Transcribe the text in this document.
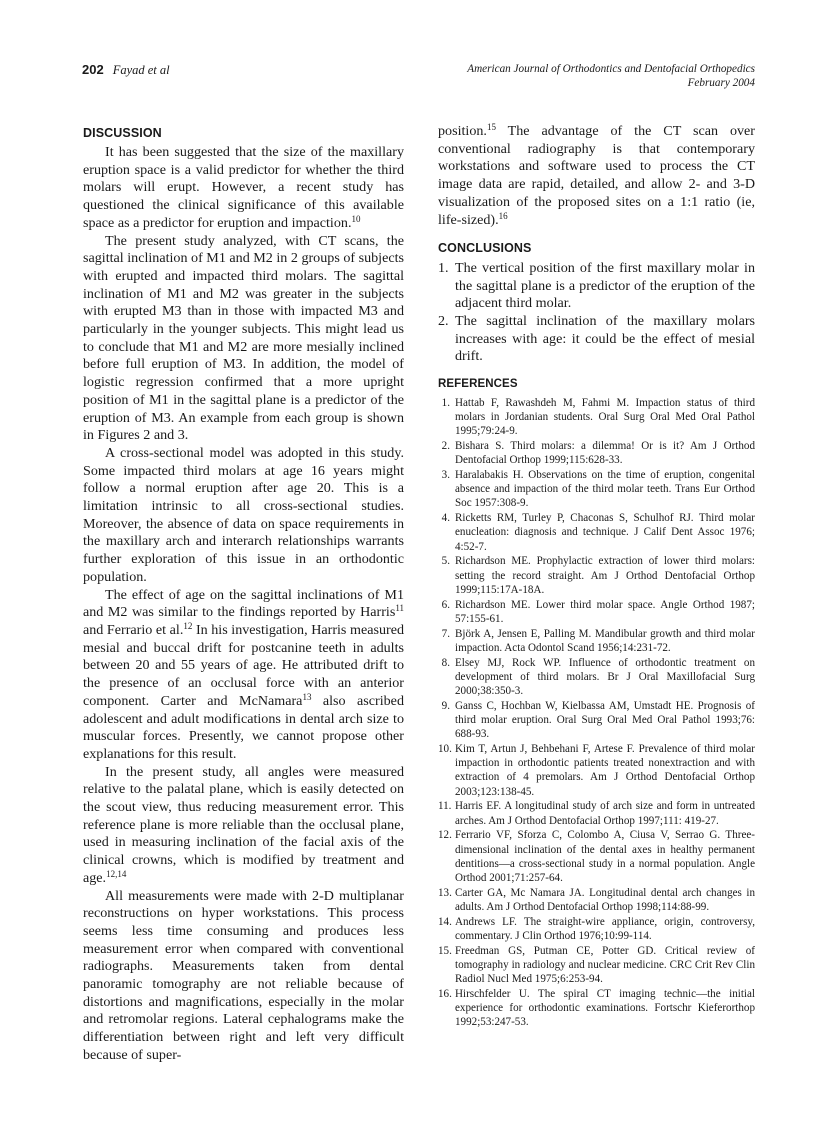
202 Fayad et al	American Journal of Orthodontics and Dentofacial Orthopedics
February 2004
DISCUSSION

It has been suggested that the size of the maxillary eruption space is a valid predictor for whether the third molars will erupt. However, a recent study has questioned the clinical significance of this available space as a predictor for eruption and impaction.$^{10}$

The present study analyzed, with CT scans, the sagittal inclination of M1 and M2 in 2 groups of subjects with erupted and impacted third molars. The sagittal inclination of M1 and M2 was greater in the subjects with erupted M3 than in those with impacted M3 and particularly in the younger subjects. This might lead us to conclude that M1 and M2 are more mesially inclined before full eruption of M3. In addition, the model of logistic regression confirmed that a more upright position of M1 in the sagittal plane is a predictor of the eruption of M3. An example from each group is shown in Figures 2 and 3.

A cross-sectional model was adopted in this study. Some impacted third molars at age 16 years might follow a normal eruption after age 20. This is a limitation intrinsic to all cross-sectional studies. Moreover, the absence of data on space requirements in the maxillary arch and interarch relationships warrants further exploration of this issue in an orthodontic population.

The effect of age on the sagittal inclinations of M1 and M2 was similar to the findings reported by Harris$^{11}$ and Ferrario et al.$^{12}$ In his investigation, Harris measured mesial and buccal drift for postcanine teeth in adults between 20 and 55 years of age. He attributed drift to the presence of an occlusal force with an anterior component. Carter and McNamara$^{13}$ also ascribed adolescent and adult modifications in dental arch size to muscular forces. Presently, we cannot propose other explanations for this result.

In the present study, all angles were measured relative to the palatal plane, which is easily detected on the scout view, thus reducing measurement error. This reference plane is more reliable than the occlusal plane, used in measuring inclination of the facial axis of the clinical crowns, which is modified by treatment and age.$^{12,14}$

All measurements were made with 2-D multiplanar reconstructions on hyper workstations. This process seems less time consuming and produces less measurement error when compared with conventional radiographs. Measurements taken from dental panoramic tomography are not reliable because of distortions and magnifications, especially in the molar and retromolar regions. Lateral cephalograms make the differentiation between right and left very difficult because of super-

position.$^{15}$ The advantage of the CT scan over conventional radiography is that contemporary workstations and software used to process the CT image data are rapid, detailed, and allow 2- and 3-D visualization of the proposed sites on a 1:1 ratio (ie, life-sized).$^{16}$

CONCLUSIONS
1. The vertical position of the first maxillary molar in the sagittal plane is a predictor of the eruption of the adjacent third molar.
2. The sagittal inclination of the maxillary molars increases with age: it could be the effect of mesial drift.
REFERENCES
1. Hattab F, Rawashdeh M, Fahmi M. Impaction status of third molars in Jordanian students. Oral Surg Oral Med Oral Pathol 1995;79:24-9.
2. Bishara S. Third molars: a dilemma! Or is it? Am J Orthod Dentofacial Orthop 1999;115:628-33.
3. Haralabakis H. Observations on the time of eruption, congenital absence and impaction of the third molar teeth. Trans Eur Orthod Soc 1957:308-9.
4. Ricketts RM, Turley P, Chaconas S, Schulhof RJ. Third molar enucleation: diagnosis and technique. J Calif Dent Assoc 1976; 4:52-7.
5. Richardson ME. Prophylactic extraction of lower third molars: setting the record straight. Am J Orthod Dentofacial Orthop 1999;115:17A-18A.
6. Richardson ME. Lower third molar space. Angle Orthod 1987; 57:155-61.
7. Björk A, Jensen E, Palling M. Mandibular growth and third molar impaction. Acta Odontol Scand 1956;14:231-72.
8. Elsey MJ, Rock WP. Influence of orthodontic treatment on development of third molars. Br J Oral Maxillofacial Surg 2000;38:350-3.
9. Ganss C, Hochban W, Kielbassa AM, Umstadt HE. Prognosis of third molar eruption. Oral Surg Oral Med Oral Pathol 1993;76: 688-93.
10. Kim T, Artun J, Behbehani F, Artese F. Prevalence of third molar impaction in orthodontic patients treated nonextraction and with extraction of 4 premolars. Am J Orthod Dentofacial Orthop 2003;123:138-45.
11. Harris EF. A longitudinal study of arch size and form in untreated arches. Am J Orthod Dentofacial Orthop 1997;111: 419-27.
12. Ferrario VF, Sforza C, Colombo A, Ciusa V, Serrao G. Three-dimensional inclination of the dental axes in healthy permanent dentitions—a cross-sectional study in a normal population. Angle Orthod 2001;71:257-64.
13. Carter GA, Mc Namara JA. Longitudinal dental arch changes in adults. Am J Orthod Dentofacial Orthop 1998;114:88-99.
14. Andrews LF. The straight-wire appliance, origin, controversy, commentary. J Clin Orthod 1976;10:99-114.
15. Freedman GS, Putman CE, Potter GD. Critical review of tomography in radiology and nuclear medicine. CRC Crit Rev Clin Radiol Nucl Med 1975;6:253-94.
16. Hirschfelder U. The spiral CT imaging technic—the initial experience for orthodontic examinations. Fortschr Kieferorthop 1992;53:247-53.
